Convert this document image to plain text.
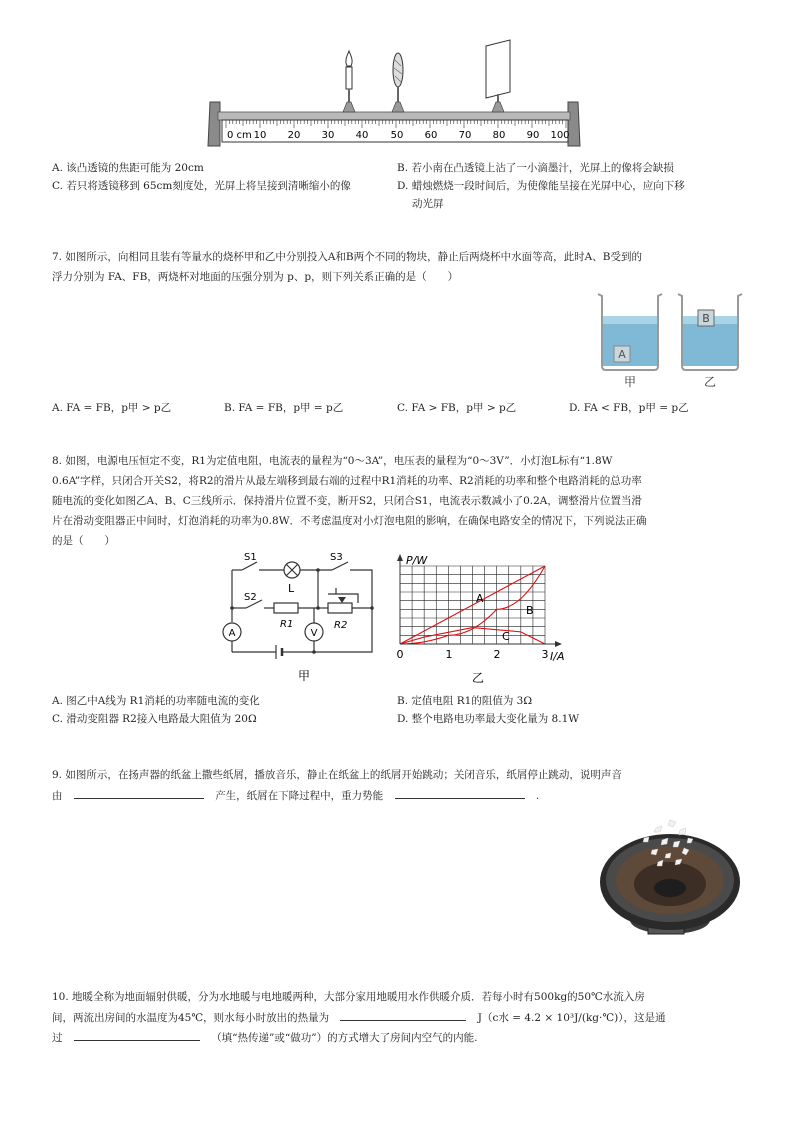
0 cm 10 20 30 40 50 60 70 80 90 100
A. 该凸透镜的焦距可能为 20cm	B. 若小南在凸透镜上沾了一小滴墨汁，光屏上的像将会缺损
C. 若只将透镜移到 65cm刻度处，光屏上将呈接到清晰缩小的像	D. 蜡烛燃烧一段时间后，为使像能呈接在光屏中心，应向下移
动光屏
7. 如图所示，向相同且装有等量水的烧杯甲和乙中分别投入A和B两个不同的物块，静止后两烧杯中水面等高，此时A、B受到的
浮力分别为 FA、FB，两烧杯对地面的压强分别为 p、p，则下列关系正确的是（　　）
A
甲
B
乙
A. FA = FB，p甲 > p乙	B. FA = FB，p甲 = p乙	C. FA > FB，p甲 > p乙	D. FA < FB，p甲 = p乙
8. 如图，电源电压恒定不变，R1为定值电阻，电流表的量程为“0～3A”，电压表的量程为“0～3V”．小灯泡L标有“1.8W
0.6A”字样，只闭合开关S2，将R2的滑片从最左端移到最右端的过程中R1消耗的功率、R2消耗的功率和整个电路消耗的总功率
随电流的变化如图乙A、B、C三线所示．保持滑片位置不变，断开S2，只闭合S1，电流表示数减小了0.2A，调整滑片位置当滑
片在滑动变阻器正中间时，灯泡消耗的功率为0.8W．不考虑温度对小灯泡电阻的影响，在确保电路安全的情况下，下列说法正确
的是（　　）
S1
L
S3
S2
R1	R2
A	V
甲
P/W
I/A
0	1	2	3
A
B
C
乙
A. 图乙中A线为 R1消耗的功率随电流的变化	B. 定值电阻 R1的阻值为 3Ω
C. 滑动变阻器 R2接入电路最大阻值为 20Ω	D. 整个电路电功率最大变化量为 8.1W
9. 如图所示，在扬声器的纸盆上撒些纸屑，播放音乐，静止在纸盆上的纸屑开始跳动；关闭音乐，纸屑停止跳动，说明声音
由	产生，纸屑在下降过程中，重力势能	.
10. 地暖全称为地面辐射供暖，分为水地暖与电地暖两种，大部分家用地暖用水作供暖介质．若每小时有500kg的50℃水流入房
间，两流出房间的水温度为45℃，则水每小时放出的热量为	J（c水 = 4.2 × 10³J/(kg·℃)），这是通
过	（填“热传递”或“做功”）的方式增大了房间内空气的内能.
